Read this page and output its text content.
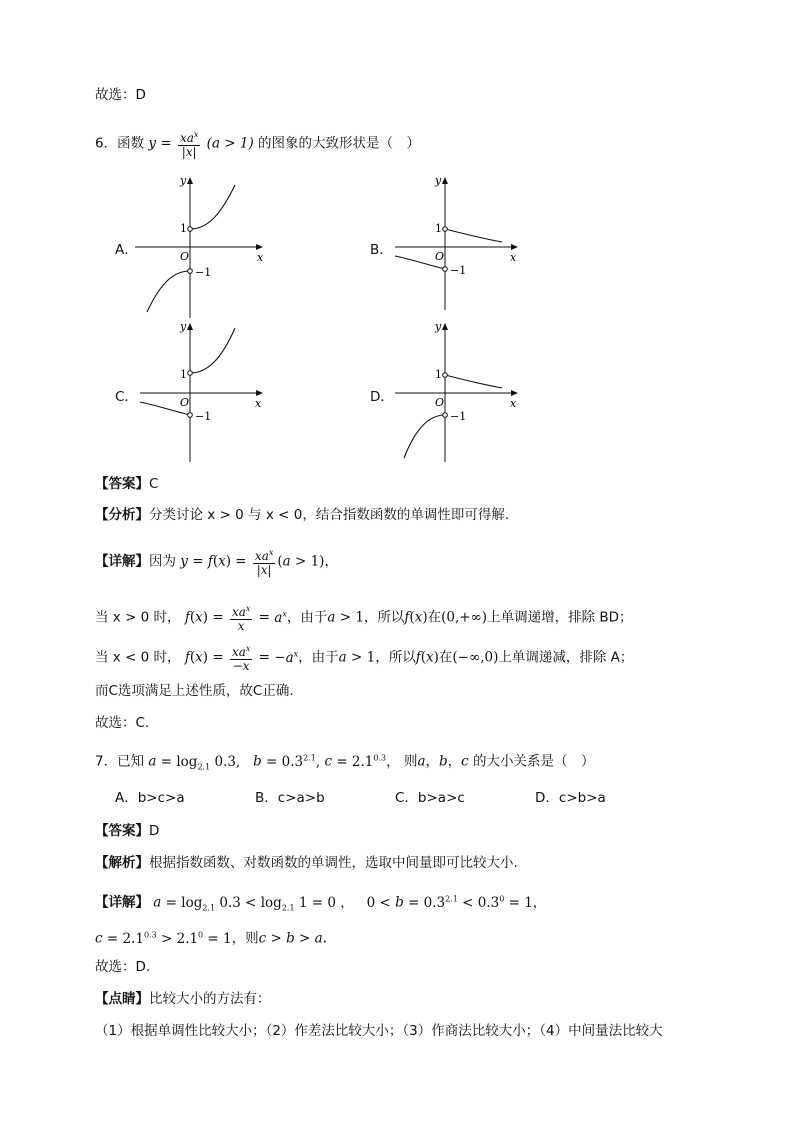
故选：D
6．函数 $y = \frac{xa^x}{|x|} (a > 1)$ 的图象的大致形状是（　）
A．	B．
C．	D．
y
x
O
1
−1
y
x
O
1
−1
y
x
O
1
−1
y
x
O
1
−1
【答案】C
【分析】分类讨论 x > 0 与 x < 0，结合指数函数的单调性即可得解.
【详解】因为 $y = f(x) = \frac{xa^x}{|x|} (a > 1)$，
当 x > 0 时， $f(x) = \frac{xa^x}{x} = a^x$，由于a > 1，所以f(x)在(0,+∞)上单调递增，排除 BD；
当 x < 0 时， $f(x) = \frac{xa^x}{-x} = -a^x$，由于a > 1，所以f(x)在(−∞,0)上单调递减，排除 A；
而C选项满足上述性质，故C正确.
故选：C.
7．已知 $a = \log_{2.1} 0.3$,   $b = 0.3^{2.1}$, $c = 2.1^{0.3}$， 则a，b，c 的大小关系是（　）
A．b>c>a	B．c>a>b	C．b>a>c	D．c>b>a
【答案】D
【解析】根据指数函数、对数函数的单调性，选取中间量即可比较大小.
【详解】 $a = \log_{2.1} 0.3 < \log_{2.1} 1 = 0$ ，   $0 < b = 0.3^{2.1} < 0.3^0 = 1$，
$c = 2.1^{0.3} > 2.1^0 = 1$，则c > b > a.
故选：D.
【点睛】比较大小的方法有：
（1）根据单调性比较大小；（2）作差法比较大小；（3）作商法比较大小；（4）中间量法比较大
